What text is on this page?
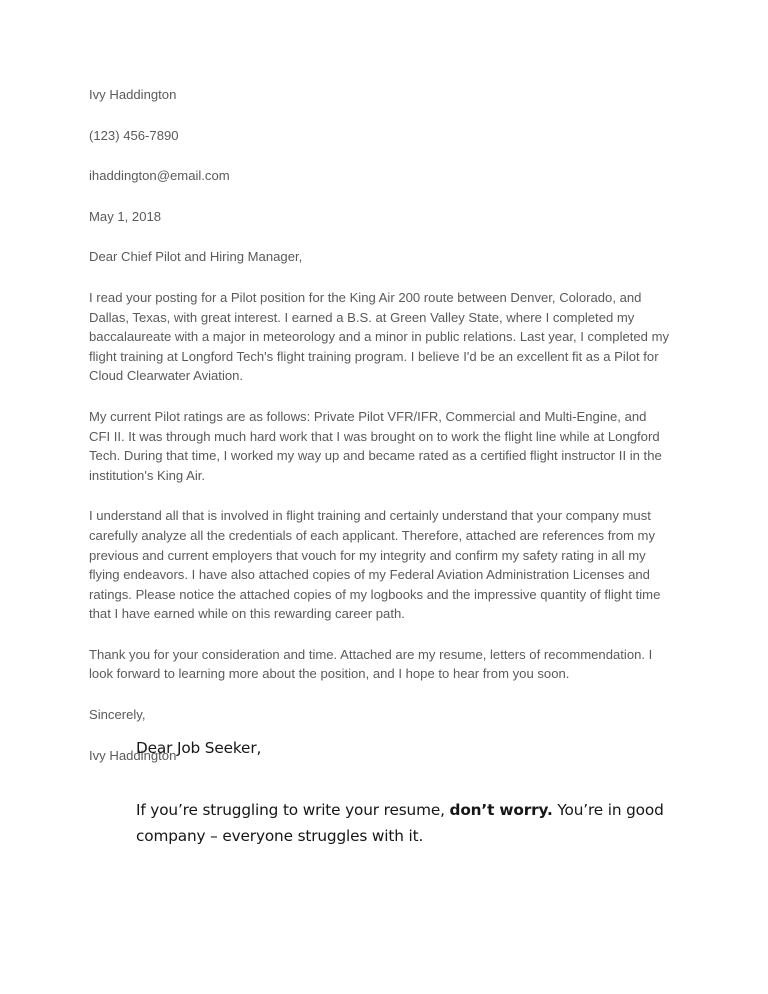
Ivy Haddington

(123) 456-7890

ihaddington@email.com

May 1, 2018

Dear Chief Pilot and Hiring Manager,

I read your posting for a Pilot position for the King Air 200 route between Denver, Colorado, and Dallas, Texas, with great interest. I earned a B.S. at Green Valley State, where I completed my baccalaureate with a major in meteorology and a minor in public relations. Last year, I completed my flight training at Longford Tech's flight training program. I believe I'd be an excellent fit as a Pilot for Cloud Clearwater Aviation.

My current Pilot ratings are as follows: Private Pilot VFR/IFR, Commercial and Multi-Engine, and CFI II. It was through much hard work that I was brought on to work the flight line while at Longford Tech. During that time, I worked my way up and became rated as a certified flight instructor II in the institution's King Air.

I understand all that is involved in flight training and certainly understand that your company must carefully analyze all the credentials of each applicant. Therefore, attached are references from my previous and current employers that vouch for my integrity and confirm my safety rating in all my flying endeavors. I have also attached copies of my Federal Aviation Administration Licenses and ratings. Please notice the attached copies of my logbooks and the impressive quantity of flight time that I have earned while on this rewarding career path.

Thank you for your consideration and time. Attached are my resume, letters of recommendation. I look forward to learning more about the position, and I hope to hear from you soon.

Sincerely,

Ivy Haddington

Dear Job Seeker,

If you’re struggling to write your resume, don’t worry. You’re in good company – everyone struggles with it.
